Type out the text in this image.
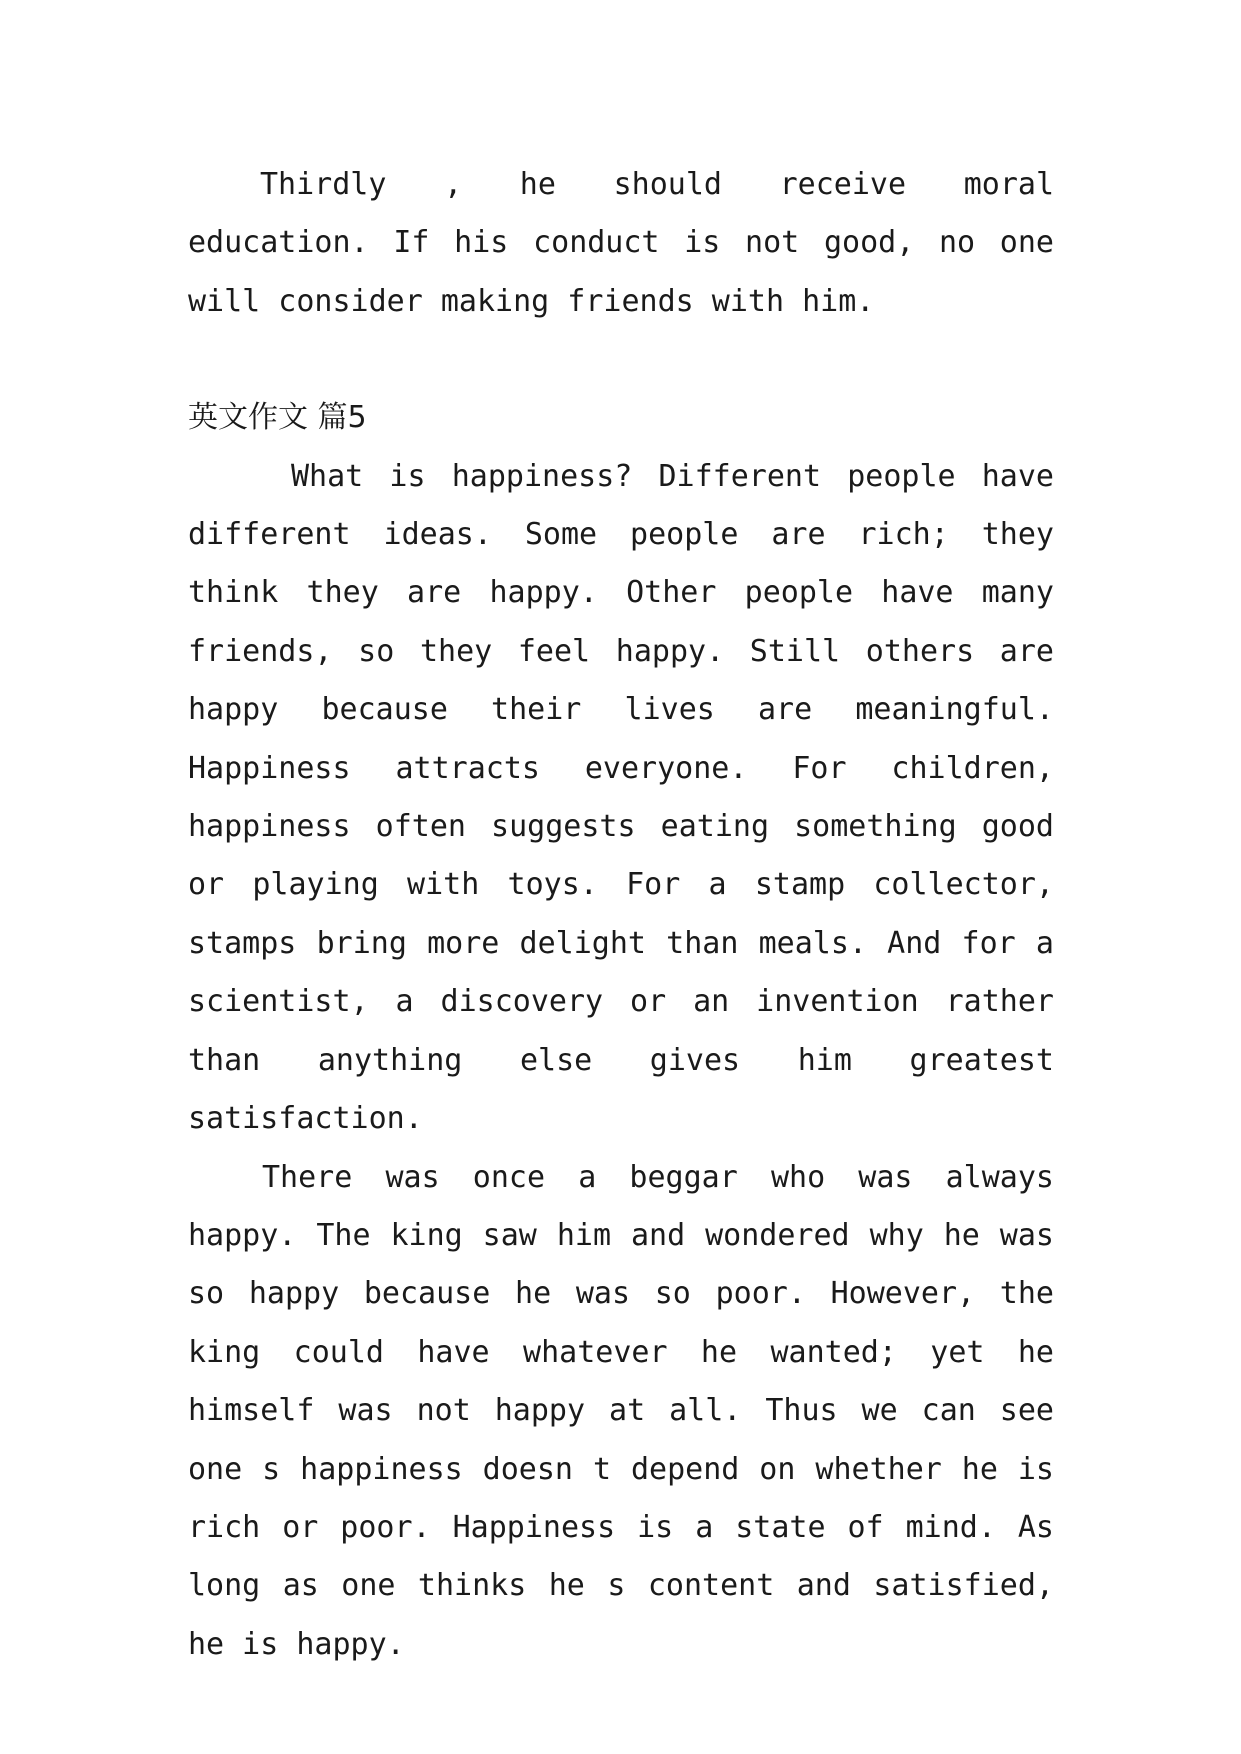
Thirdly , he should receive moral education. If his conduct is not good, no one will consider making friends with him.

英文作文 篇5

What is happiness? Different people have different ideas. Some people are rich; they think they are happy. Other people have many friends, so they feel happy. Still others are happy because their lives are meaningful. Happiness attracts everyone. For children, happiness often suggests eating something good or playing with toys. For a stamp collector, stamps bring more delight than meals. And for a scientist, a discovery or an invention rather than anything else gives him greatest satisfaction.

There was once a beggar who was always happy. The king saw him and wondered why he was so happy because he was so poor. However, the king could have whatever he wanted; yet he himself was not happy at all. Thus we can see one s happiness doesn t depend on whether he is rich or poor. Happiness is a state of mind. As long as one thinks he s content and satisfied, he is happy.
